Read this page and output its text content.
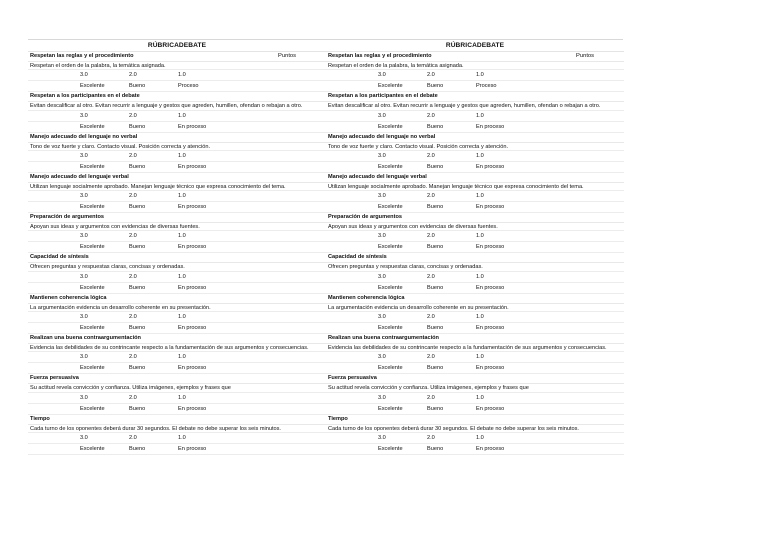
RÚBRICADEBATE
Respetan las reglas y el procedimiento	Puntos
Respetan el orden de la palabra, la temática asignada.
3.0	2.0	1.0
Excelente	Bueno	Proceso
Respetan a los participantes en el debate
Evitan descalificar al otro. Evitan recurrir a lenguaje y gestos que agreden, humillen, ofendan o rebajan a otro.
3.0	2.0	1.0
Excelente	Bueno	En proceso
Manejo adecuado del lenguaje no verbal
Tono de voz fuerte y claro. Contacto visual. Posición correcta y atención.
3.0	2.0	1.0
Excelente	Bueno	En proceso
Manejo adecuado del lenguaje verbal
Utilizan lenguaje socialmente aprobado. Manejan lenguaje técnico que expresa conocimiento del tema.
3.0	2.0	1.0
Excelente	Bueno	En proceso
Preparación de argumentos
Apoyan sus ideas y argumentos con evidencias de diversas fuentes.
3.0	2.0	1.0
Excelente	Bueno	En proceso
Capacidad de síntesis
Ofrecen preguntas y respuestas claras, concisas y ordenadas.
3.0	2.0	1.0
Excelente	Bueno	En proceso
Mantienen coherencia lógica
La argumentación evidencia un desarrollo coherente en su presentación.
3.0	2.0	1.0
Excelente	Bueno	En proceso
Realizan una buena contraargumentación
Evidencia las debilidades de su contrincante respecto a la fundamentación de sus argumentos y consecuencias.
3.0	2.0	1.0
Excelente	Bueno	En proceso
Fuerza persuasiva
Su actitud revela convicción y confianza. Utiliza imágenes, ejemplos y frases que
3.0	2.0	1.0
Excelente	Bueno	En proceso
Tiempo
Cada turno de los oponentes deberá durar 30 segundos. El debate no debe superar los seis minutos.
3.0	2.0	1.0
Excelente	Bueno	En proceso
RÚBRICADEBATE
Respetan las reglas y el procedimiento	Puntos
Respetan el orden de la palabra, la temática asignada.
3.0	2.0	1.0
Excelente	Bueno	Proceso
Respetan a los participantes en el debate
Evitan descalificar al otro. Evitan recurrir a lenguaje y gestos que agreden, humillen, ofendan o rebajan a otro.
3.0	2.0	1.0
Excelente	Bueno	En proceso
Manejo adecuado del lenguaje no verbal
Tono de voz fuerte y claro. Contacto visual. Posición correcta y atención.
3.0	2.0	1.0
Excelente	Bueno	En proceso
Manejo adecuado del lenguaje verbal
Utilizan lenguaje socialmente aprobado. Manejan lenguaje técnico que expresa conocimiento del tema.
3.0	2.0	1.0
Excelente	Bueno	En proceso
Preparación de argumentos
Apoyan sus ideas y argumentos con evidencias de diversas fuentes.
3.0	2.0	1.0
Excelente	Bueno	En proceso
Capacidad de síntesis
Ofrecen preguntas y respuestas claras, concisas y ordenadas.
3.0	2.0	1.0
Excelente	Bueno	En proceso
Mantienen coherencia lógica
La argumentación evidencia un desarrollo coherente en su presentación.
3.0	2.0	1.0
Excelente	Bueno	En proceso
Realizan una buena contraargumentación
Evidencia las debilidades de su contrincante respecto a la fundamentación de sus argumentos y consecuencias.
3.0	2.0	1.0
Excelente	Bueno	En proceso
Fuerza persuasiva
Su actitud revela convicción y confianza. Utiliza imágenes, ejemplos y frases que
3.0	2.0	1.0
Excelente	Bueno	En proceso
Tiempo
Cada turno de los oponentes deberá durar 30 segundos. El debate no debe superar los seis minutos.
3.0	2.0	1.0
Excelente	Bueno	En proceso
